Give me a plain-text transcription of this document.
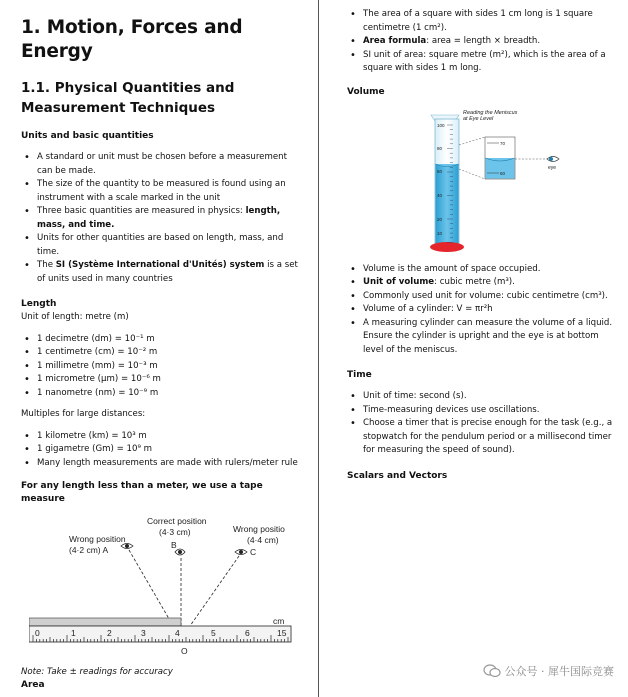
1. Motion, Forces and Energy
1.1. Physical Quantities and Measurement Techniques
Units and basic quantities
• A standard or unit must be chosen before a measurement can be made.
• The size of the quantity to be measured is found using an instrument with a scale marked in the unit
• Three basic quantities are measured in physics: length, mass, and time.
• Units for other quantities are based on length, mass, and time.
• The SI (Système International d'Unités) system is a set of units used in many countries
Length
Unit of length: metre (m)
• 1 decimetre (dm) = 10⁻¹ m
• 1 centimetre (cm) = 10⁻² m
• 1 millimetre (mm) = 10⁻³ m
• 1 micrometre (μm) = 10⁻⁶ m
• 1 nanometre (nm) = 10⁻⁹ m
Multiples for large distances:
• 1 kilometre (km) = 10³ m
• 1 gigametre (Gm) = 10⁹ m
• Many length measurements are made with rulers/meter rule
For any length less than a meter, we use a tape measure
Correct position
(4·3 cm)
Wrong position
(4·2 cm) A
Wrong positio
(4·4 cm)
B
C
O
cm
0	1	2	3	4	5	6	15
Note: Take ± readings for accuracy
Area
• The area of a square with sides 1 cm long is 1 square centimetre (1 cm²).
• Area formula: area = length × breadth.
• SI unit of area: square metre (m²), which is the area of a square with sides 1 m long.
Volume
Reading the Meniscus
at Eye Level
100
80
60
40
20
10
70
60
eye
• Volume is the amount of space occupied.
• Unit of volume: cubic metre (m³).
• Commonly used unit for volume: cubic centimetre (cm³).
• Volume of a cylinder: V = πr²h
• A measuring cylinder can measure the volume of a liquid. Ensure the cylinder is upright and the eye is at bottom level of the meniscus.
Time
• Unit of time: second (s).
• Time-measuring devices use oscillations.
• Choose a timer that is precise enough for the task (e.g., a stopwatch for the pendulum period or a millisecond timer for measuring the speed of sound).
Scalars and Vectors
公众号 · 犀牛国际竞赛
